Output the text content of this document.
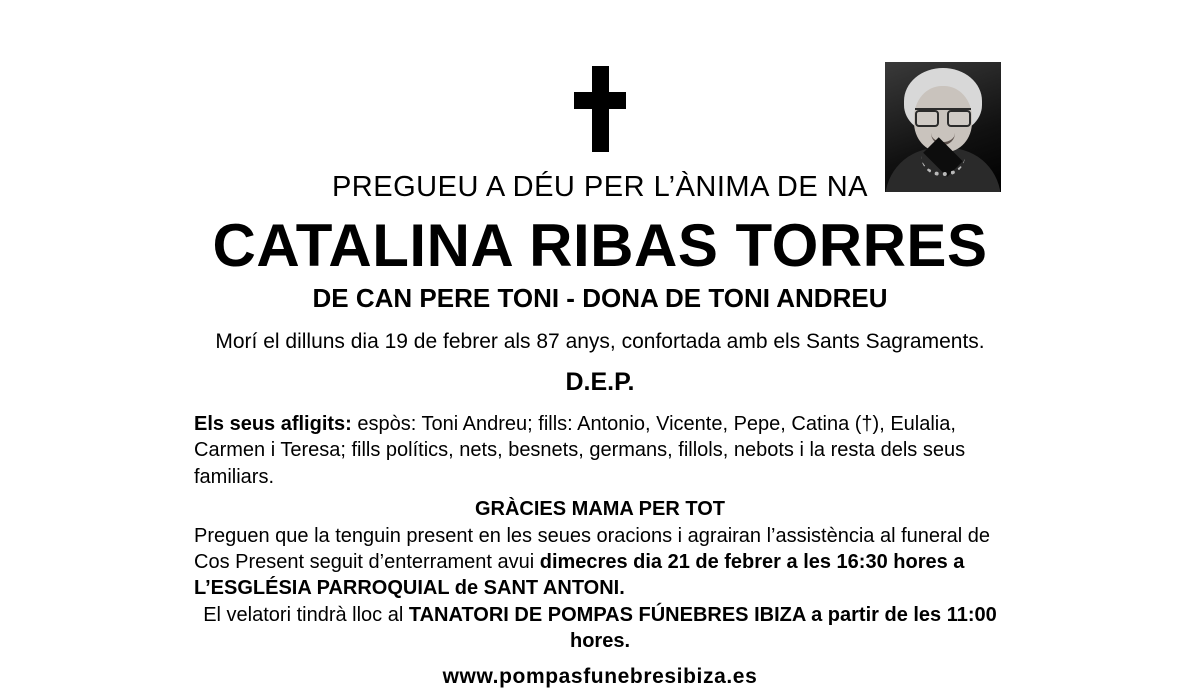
PREGUEU A DÉU PER L’ÀNIMA DE NA
CATALINA RIBAS TORRES
DE CAN PERE TONI - DONA DE TONI ANDREU
Morí el dilluns dia 19 de febrer als 87 anys, confortada amb els Sants Sagraments.
D.E.P.

Els seus afligits: espòs: Toni Andreu; fills: Antonio, Vicente, Pepe, Catina (†), Eulalia, Carmen i Teresa; fills polítics, nets, besnets, germans, fillols, nebots i la resta dels seus familiars.

GRÀCIES MAMA PER TOT

Preguen que la tenguin present en les seues oracions i agrairan l’assistència al funeral de Cos Present seguit d’enterrament avui dimecres dia 21 de febrer a les 16:30 hores a L’ESGLÉSIA PARROQUIAL de SANT ANTONI.

El velatori tindrà lloc al TANATORI DE POMPAS FÚNEBRES IBIZA a partir de les 11:00 hores.

www.pompasfunebresibiza.es
